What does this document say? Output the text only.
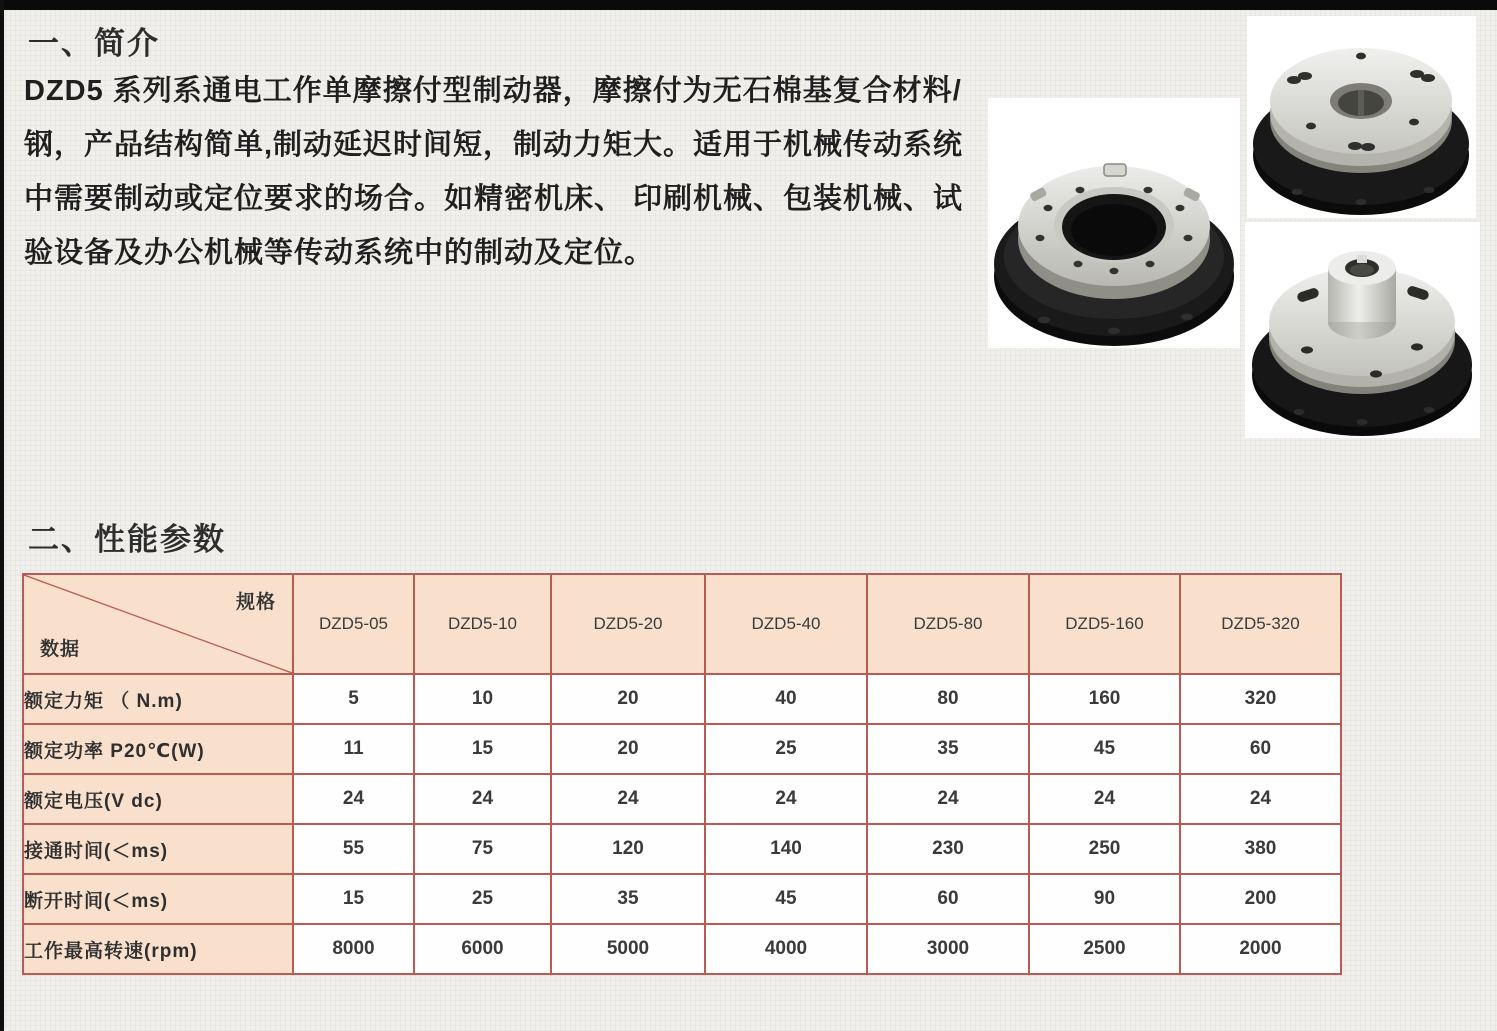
一、简介
DZD5 系列系通电工作单摩擦付型制动器，摩擦付为无石棉基复合材料/
钢，产品结构简单,制动延迟时间短，制动力矩大。适用于机械传动系统
中需要制动或定位要求的场合。如精密机床、 印刷机械、包装机械、试
验设备及办公机械等传动系统中的制动及定位。
二、性能参数
规格
数据	DZD5-05	DZD5-10	DZD5-20	DZD5-40	DZD5-80	DZD5-160	DZD5-320
额定力矩 （ N.m)	5	10	20	40	80	160	320
额定功率 P20℃(W)	11	15	20	25	35	45	60
额定电压(V dc)	24	24	24	24	24	24	24
接通时间(＜ms)	55	75	120	140	230	250	380
断开时间(＜ms)	15	25	35	45	60	90	200
工作最高转速(rpm)	8000	6000	5000	4000	3000	2500	2000
